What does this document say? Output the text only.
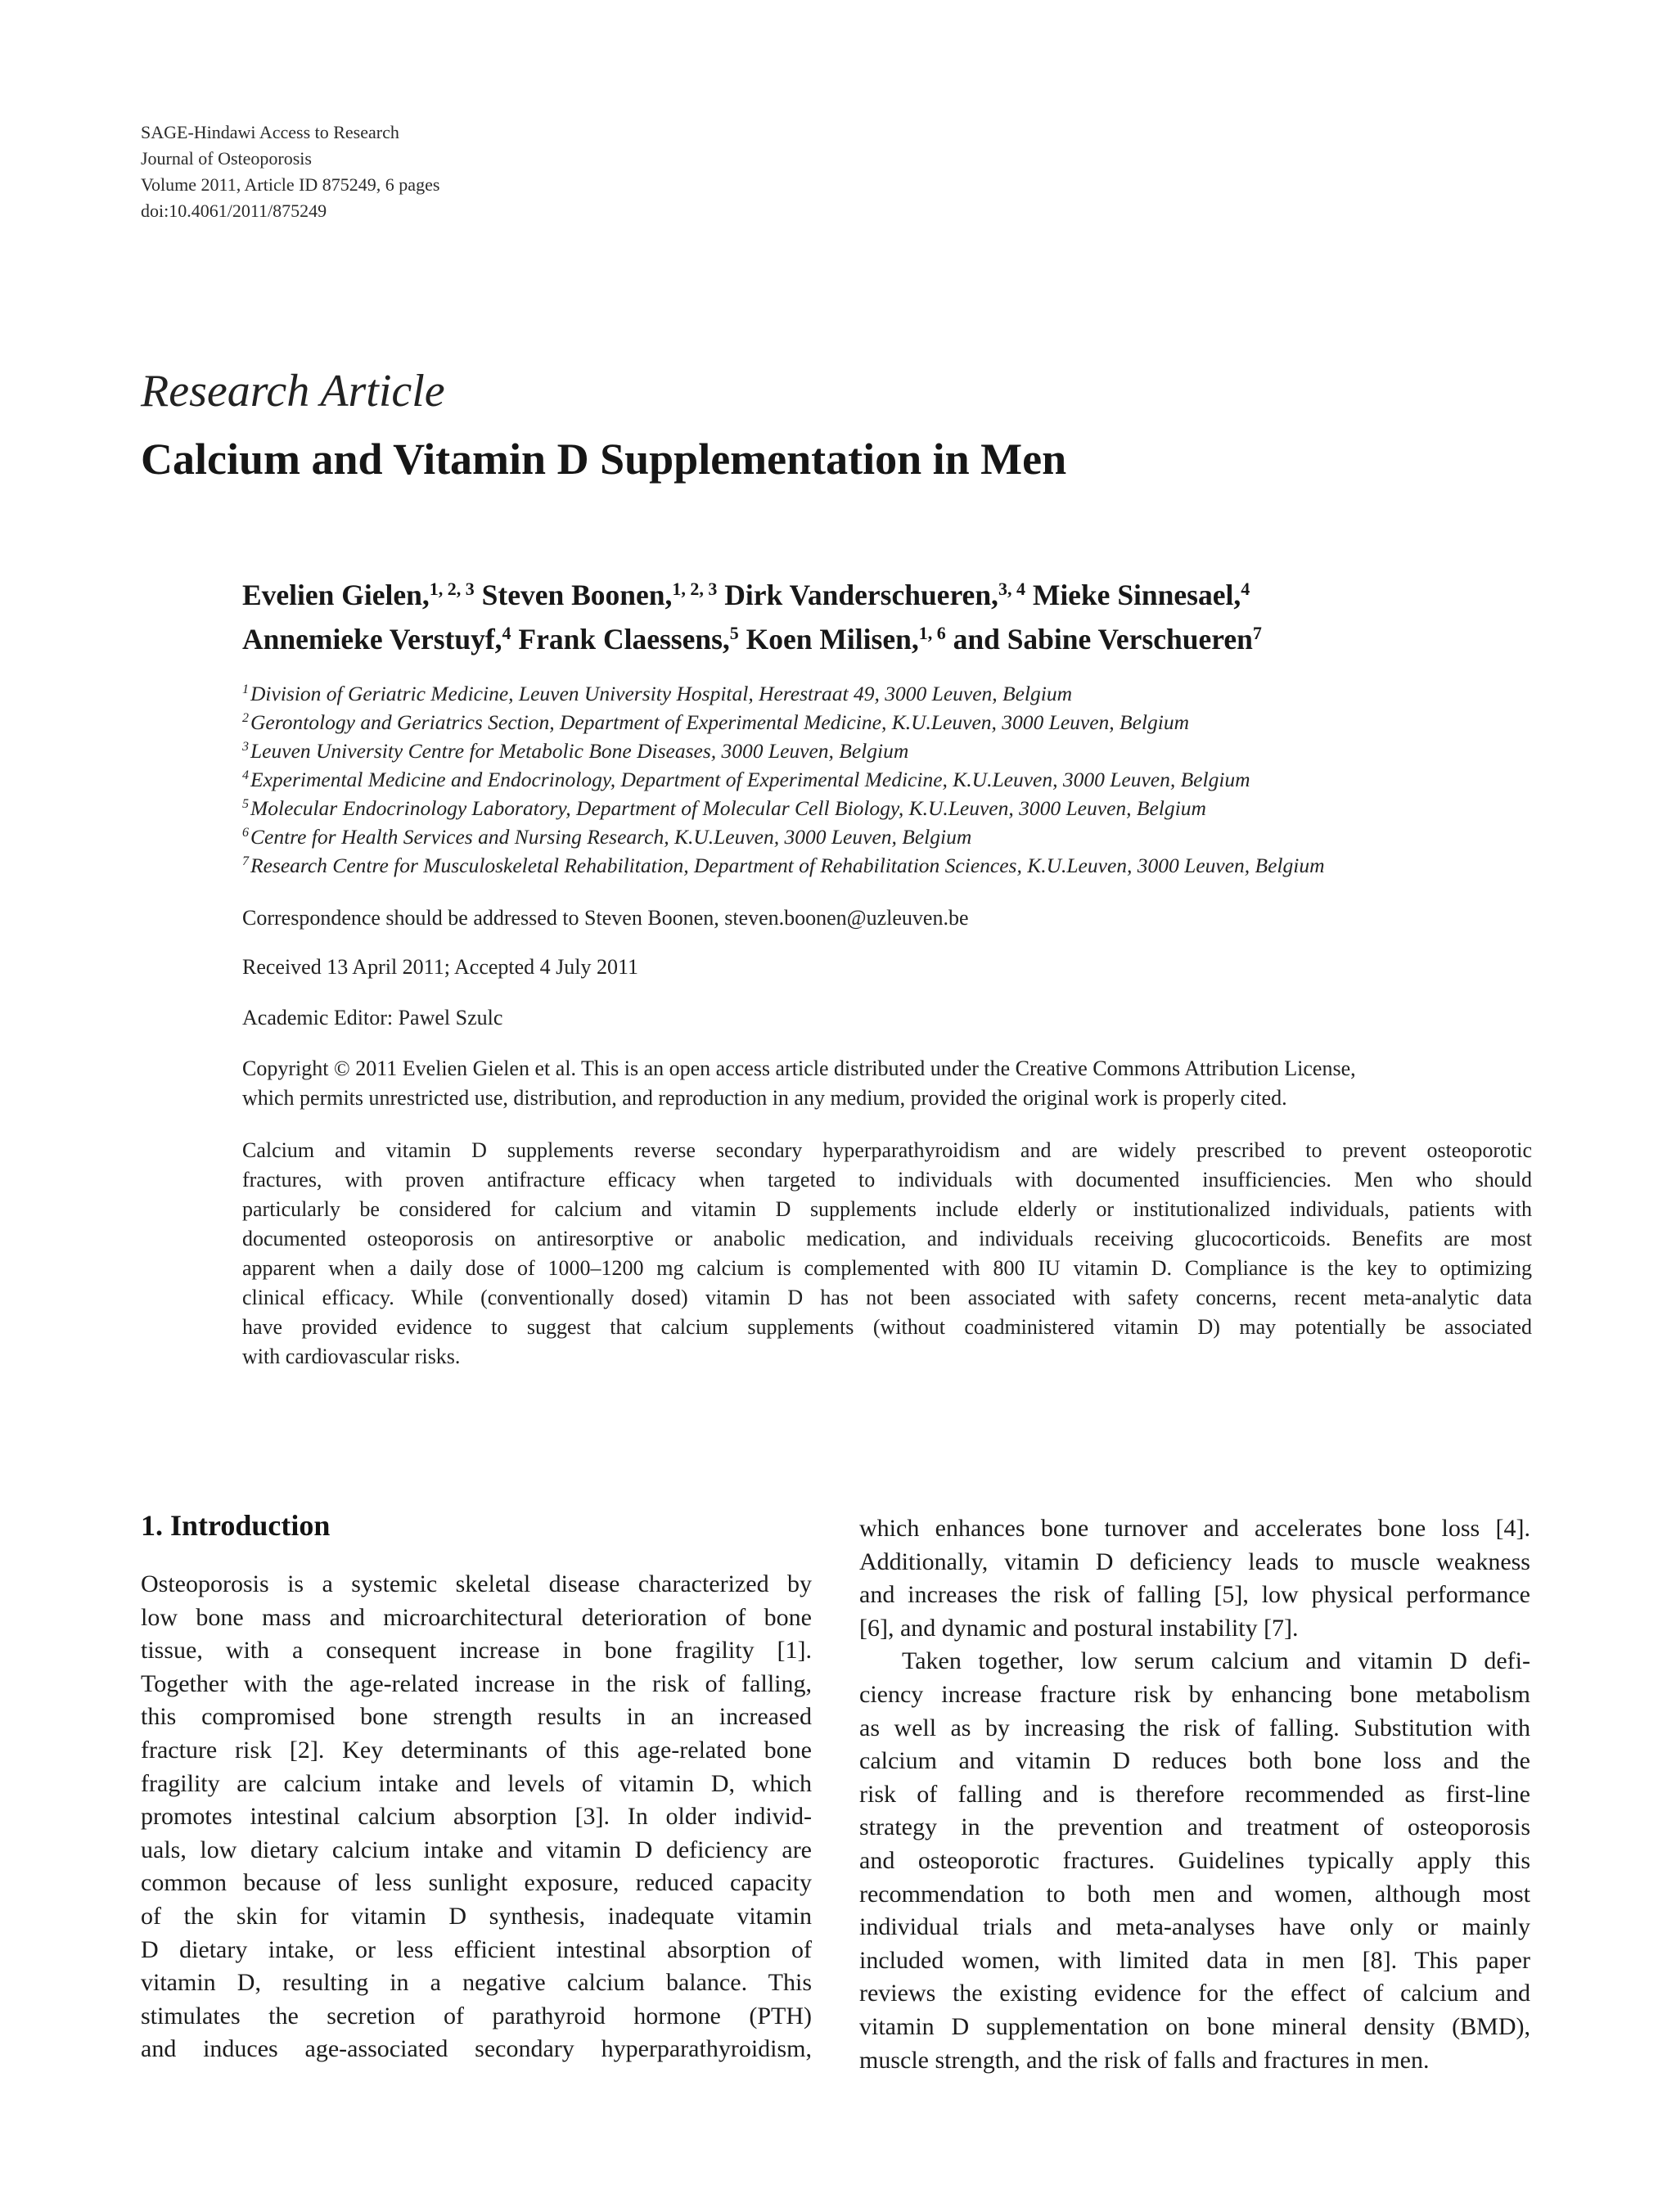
SAGE-Hindawi Access to Research
Journal of Osteoporosis
Volume 2011, Article ID 875249, 6 pages
doi:10.4061/2011/875249
Research Article
Calcium and Vitamin D Supplementation in Men
Evelien Gielen,$^{1, 2, 3}$ Steven Boonen,$^{1, 2, 3}$ Dirk Vanderschueren,$^{3, 4}$ Mieke Sinnesael,$^4$
Annemieke Verstuyf,$^4$ Frank Claessens,$^5$ Koen Milisen,$^{1, 6}$ and Sabine Verschueren$^7$
$^1$Division of Geriatric Medicine, Leuven University Hospital, Herestraat 49, 3000 Leuven, Belgium
$^2$Gerontology and Geriatrics Section, Department of Experimental Medicine, K.U.Leuven, 3000 Leuven, Belgium
$^3$Leuven University Centre for Metabolic Bone Diseases, 3000 Leuven, Belgium
$^4$Experimental Medicine and Endocrinology, Department of Experimental Medicine, K.U.Leuven, 3000 Leuven, Belgium
$^5$Molecular Endocrinology Laboratory, Department of Molecular Cell Biology, K.U.Leuven, 3000 Leuven, Belgium
$^6$Centre for Health Services and Nursing Research, K.U.Leuven, 3000 Leuven, Belgium
$^7$Research Centre for Musculoskeletal Rehabilitation, Department of Rehabilitation Sciences, K.U.Leuven, 3000 Leuven, Belgium
Correspondence should be addressed to Steven Boonen, steven.boonen@uzleuven.be
Received 13 April 2011; Accepted 4 July 2011
Academic Editor: Pawel Szulc
Copyright © 2011 Evelien Gielen et al. This is an open access article distributed under the Creative Commons Attribution License,
which permits unrestricted use, distribution, and reproduction in any medium, provided the original work is properly cited.
Calcium and vitamin D supplements reverse secondary hyperparathyroidism and are widely prescribed to prevent osteoporotic
fractures, with proven antifracture efficacy when targeted to individuals with documented insufficiencies. Men who should
particularly be considered for calcium and vitamin D supplements include elderly or institutionalized individuals, patients with
documented osteoporosis on antiresorptive or anabolic medication, and individuals receiving glucocorticoids. Benefits are most
apparent when a daily dose of 1000–1200 mg calcium is complemented with 800 IU vitamin D. Compliance is the key to optimizing
clinical efficacy. While (conventionally dosed) vitamin D has not been associated with safety concerns, recent meta-analytic data
have provided evidence to suggest that calcium supplements (without coadministered vitamin D) may potentially be associated
with cardiovascular risks.
1. Introduction
Osteoporosis is a systemic skeletal disease characterized by
low bone mass and microarchitectural deterioration of bone
tissue, with a consequent increase in bone fragility [1].
Together with the age-related increase in the risk of falling,
this compromised bone strength results in an increased
fracture risk [2]. Key determinants of this age-related bone
fragility are calcium intake and levels of vitamin D, which
promotes intestinal calcium absorption [3]. In older individ-
uals, low dietary calcium intake and vitamin D deficiency are
common because of less sunlight exposure, reduced capacity
of the skin for vitamin D synthesis, inadequate vitamin
D dietary intake, or less efficient intestinal absorption of
vitamin D, resulting in a negative calcium balance. This
stimulates the secretion of parathyroid hormone (PTH)
and induces age-associated secondary hyperparathyroidism,
which enhances bone turnover and accelerates bone loss [4].
Additionally, vitamin D deficiency leads to muscle weakness
and increases the risk of falling [5], low physical performance
[6], and dynamic and postural instability [7].
Taken together, low serum calcium and vitamin D defi-
ciency increase fracture risk by enhancing bone metabolism
as well as by increasing the risk of falling. Substitution with
calcium and vitamin D reduces both bone loss and the
risk of falling and is therefore recommended as first-line
strategy in the prevention and treatment of osteoporosis
and osteoporotic fractures. Guidelines typically apply this
recommendation to both men and women, although most
individual trials and meta-analyses have only or mainly
included women, with limited data in men [8]. This paper
reviews the existing evidence for the effect of calcium and
vitamin D supplementation on bone mineral density (BMD),
muscle strength, and the risk of falls and fractures in men.
